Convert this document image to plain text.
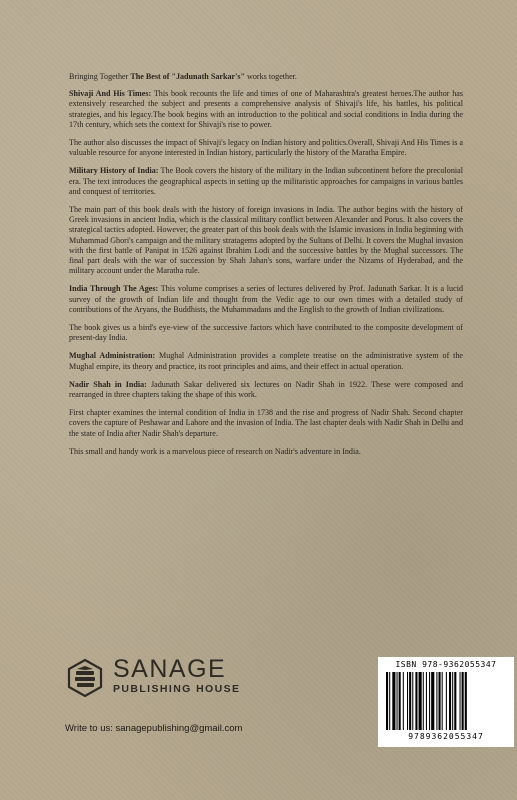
Bringing Together The Best of "Jadunath Sarkar's" works together.

Shivaji And His Times: This book recounts the life and times of one of Maharashtra's greatest heroes.The author has extensively researched the subject and presents a comprehensive analysis of Shivaji's life, his battles, his political strategies, and his legacy.The book begins with an introduction to the political and social conditions in India during the 17th century, which sets the context for Shivaji's rise to power.

The author also discusses the impact of Shivaji's legacy on Indian history and politics.Overall, Shivaji And His Times is a valuable resource for anyone interested in Indian history, particularly the history of the Maratha Empire.

Military History of India: The Book covers the history of the military in the Indian subcontinent before the precolonial era. The text introduces the geographical aspects in setting up the militaristic approaches for campaigns in various battles and conquest of territories.

The main part of this book deals with the history of foreign invasions in India. The author begins with the history of Greek invasions in ancient India, which is the classical military conflict between Alexander and Porus. It also covers the strategical tactics adopted. However, the greater part of this book deals with the Islamic invasions in India beginning with Muhammad Ghori's campaign and the military stratagems adopted by the Sultans of Delhi. It covers the Mughal invasion with the first battle of Panipat in 1526 against Ibrahim Lodi and the successive battles by the Mughal successors. The final part deals with the war of succession by Shah Jahan's sons, warfare under the Nizams of Hyderabad, and the military account under the Maratha rule.

India Through The Ages: This volume comprises a series of lectures delivered by Prof. Jadunath Sarkar. It is a lucid survey of the growth of Indian life and thought from the Vedic age to our own times with a detailed study of contributions of the Aryans, the Buddhists, the Muhammadans and the English to the growth of Indian civilizations.

The book gives us a bird's eye-view of the successive factors which have contributed to the composite development of present-day India.

Mughal Administration: Mughal Administration provides a complete treatise on the administrative system of the Mughal empire, its theory and practice, its root principles and aims, and their effect in actual operation.

Nadir Shah in India: Jadunath Sakar delivered six lectures on Nadir Shah in 1922. These were composed and rearranged in three chapters taking the shape of this work.

First chapter examines the internal condition of India in 1738 and the rise and progress of Nadir Shah. Second chapter covers the capture of Peshawar and Lahore and the invasion of India. The last chapter deals with Nadir Shah in Delhi and the state of India after Nadir Shah's departure.

This small and handy work is a marvelous piece of research on Nadir's adventure in India.

SANAGE
PUBLISHING HOUSE
Write to us: sanagepublishing@gmail.com
ISBN 978-9362055347
9789362055347
